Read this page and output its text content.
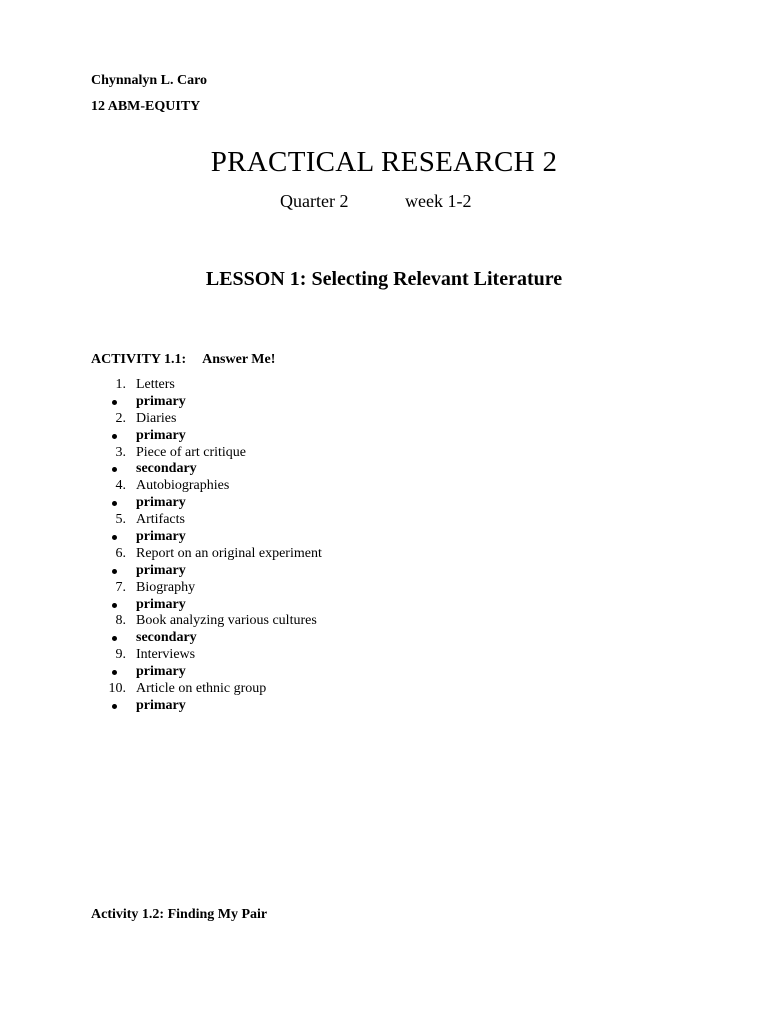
Chynnalyn L. Caro
12 ABM-EQUITY
PRACTICAL RESEARCH 2
Quarter 2	week 1-2
LESSON 1: Selecting Relevant Literature
ACTIVITY 1.1: Answer Me!
1. Letters
primary
2. Diaries
primary
3. Piece of art critique
secondary
4. Autobiographies
primary
5. Artifacts
primary
6. Report on an original experiment
primary
7. Biography
primary
8. Book analyzing various cultures
secondary
9. Interviews
primary
10. Article on ethnic group
primary
Activity 1.2: Finding My Pair
